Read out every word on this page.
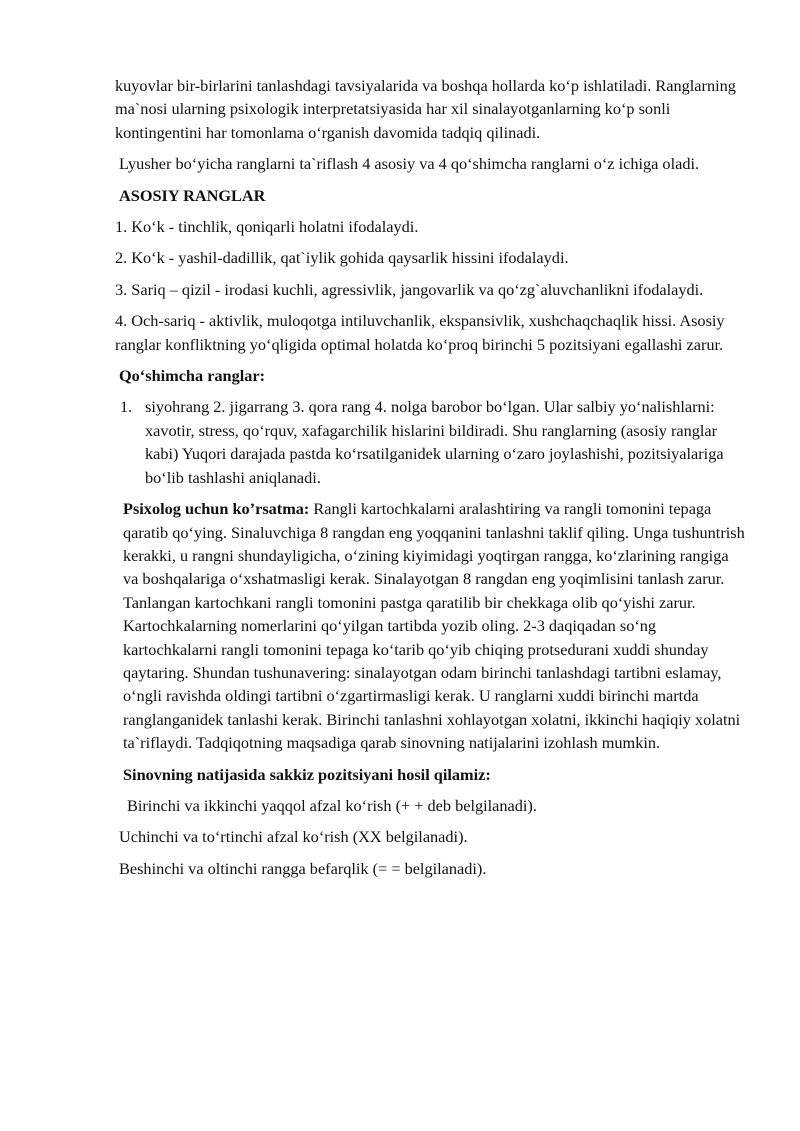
kuyovlar bir-birlarini tanlashdagi tavsiyalarida va boshqa hollarda ko‘p ishlatiladi. Ranglarning ma`nosi ularning psixologik interpretatsiyasida har xil sinalayotganlarning ko‘p sonli kontingentini har tomonlama o‘rganish davomida tadqiq qilinadi.

Lyusher bo‘yicha ranglarni ta`riflash 4 asosiy va 4 qo‘shimcha ranglarni o‘z ichiga oladi.

ASOSIY RANGLAR

1. Ko‘k - tinchlik, qoniqarli holatni ifodalaydi.

2. Ko‘k - yashil-dadillik, qat`iylik gohida qaysarlik hissini ifodalaydi.

3. Sariq – qizil - irodasi kuchli, agressivlik, jangovarlik va qo‘zg`aluvchanlikni ifodalaydi.

4. Och-sariq - aktivlik, muloqotga intiluvchanlik, ekspansivlik, xushchaqchaqlik hissi. Asosiy ranglar konfliktning yo‘qligida optimal holatda ko‘proq birinchi 5 pozitsiyani egallashi zarur.

Qo‘shimcha ranglar:

1. siyohrang 2. jigarrang 3. qora rang 4. nolga barobor bo‘lgan. Ular salbiy yo‘nalishlarni: xavotir, stress, qo‘rquv, xafagarchilik hislarini bildiradi. Shu ranglarning (asosiy ranglar kabi) Yuqori darajada pastda ko‘rsatilganidek ularning o‘zaro joylashishi, pozitsiyalariga bo‘lib tashlashi aniqlanadi.

Psixolog uchun ko’rsatma: Rangli kartochkalarni aralashtiring va rangli tomonini tepaga qaratib qo‘ying. Sinaluvchiga 8 rangdan eng yoqqanini tanlashni taklif qiling. Unga tushuntrish kerakki, u rangni shundayligicha, o‘zining kiyimidagi yoqtirgan rangga, ko‘zlarining rangiga va boshqalariga o‘xshatmasligi kerak. Sinalayotgan 8 rangdan eng yoqimlisini tanlash zarur. Tanlangan kartochkani rangli tomonini pastga qaratilib bir chekkaga olib qo‘yishi zarur. Kartochkalarning nomerlarini qo‘yilgan tartibda yozib oling. 2-3 daqiqadan so‘ng kartochkalarni rangli tomonini tepaga ko‘tarib qo‘yib chiqing protsedurani xuddi shunday qaytaring. Shundan tushunavering: sinalayotgan odam birinchi tanlashdagi tartibni eslamay, o‘ngli ravishda oldingi tartibni o‘zgartirmasligi kerak. U ranglarni xuddi birinchi martda ranglanganidek tanlashi kerak. Birinchi tanlashni xohlayotgan xolatni, ikkinchi haqiqiy xolatni ta`riflaydi. Tadqiqotning maqsadiga qarab sinovning natijalarini izohlash mumkin.

Sinovning natijasida sakkiz pozitsiyani hosil qilamiz:

Birinchi va ikkinchi yaqqol afzal ko‘rish (+ + deb belgilanadi).

Uchinchi va to‘rtinchi afzal ko‘rish (XX belgilanadi).

Beshinchi va oltinchi rangga befarqlik (= = belgilanadi).
